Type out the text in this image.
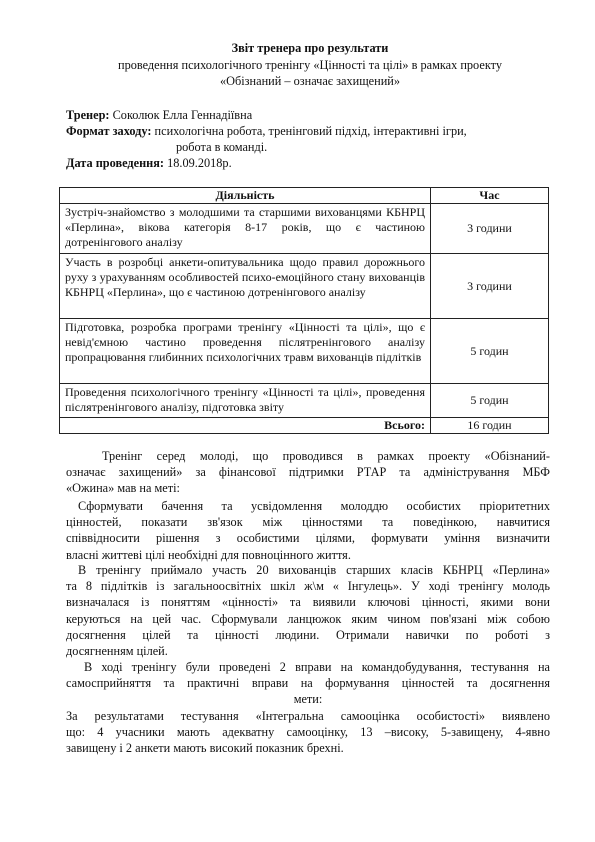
Звіт тренера про результати
проведення психологічного тренінгу «Цінності та цілі» в рамках проекту
«Обізнаний – означає захищений»
Тренер: Соколюк Елла Геннадіївна
Формат заходу: психологічна робота, тренінговий підхід, інтерактивні ігри,
робота в команді.
Дата проведення: 18.09.2018р.
Діяльність	Час
Зустріч-знайомство з молодшими та старшими вихованцями КБНРЦ «Перлина», вікова категорія 8-17 років, що є частиною дотренінгового аналізу	3 години
Участь в розробці анкети-опитувальника щодо правил дорожнього руху з урахуванням особливостей психо-емоційного стану вихованців КБНРЦ «Перлина», що є частиною дотренінгового аналізу	3 години
Підготовка, розробка програми тренінгу «Цінності та цілі», що є невід'ємною частино проведення післятренінгового аналізу пропрацювання глибинних психологічних травм вихованців підлітків	5 годин
Проведення психологічного тренінгу «Цінності та цілі», проведення післятренінгового аналізу, підготовка звіту	5 годин
Всього:	16 годин
Тренінг серед молоді, що проводився в рамках проекту «Обізнаний-
означає захищений» за фінансової підтримки РТАР та адміністрування МБФ
«Ожина» мав на меті:
Сформувати бачення та усвідомлення молоддю особистих пріоритетних
цінностей, показати зв'язок між цінностями та поведінкою, навчитися
співвідносити рішення з особистими цілями, формувати уміння визначити
власні життеві цілі необхідні для повноцінного життя.
В тренінгу приймало участь 20 вихованців старших класів КБНРЦ «Перлина»
та 8 підлітків із загальноосвітніх шкіл ж\м « Інгулець». У ході тренінгу молодь
визначалася із поняттям «цінності» та виявили ключові цінності, якими вони
керуються на цей час. Сформували ланцюжок яким чином пов'язані між собою
досягнення цілей та цінності людини. Отримали навички по роботі з
досягненням цілей.
В ході тренінгу були проведені 2 вправи на командобудування, тестування на
самосприйняття та практичні вправи на формування цінностей та досягнення
мети:
За результатами тестування «Інтегральна самооцінка особистості» виявлено
що: 4 учасники мають адекватну самооцінку, 13 –високу, 5-завищену, 4-явно
завищену і 2 анкети мають високий показник брехні.
